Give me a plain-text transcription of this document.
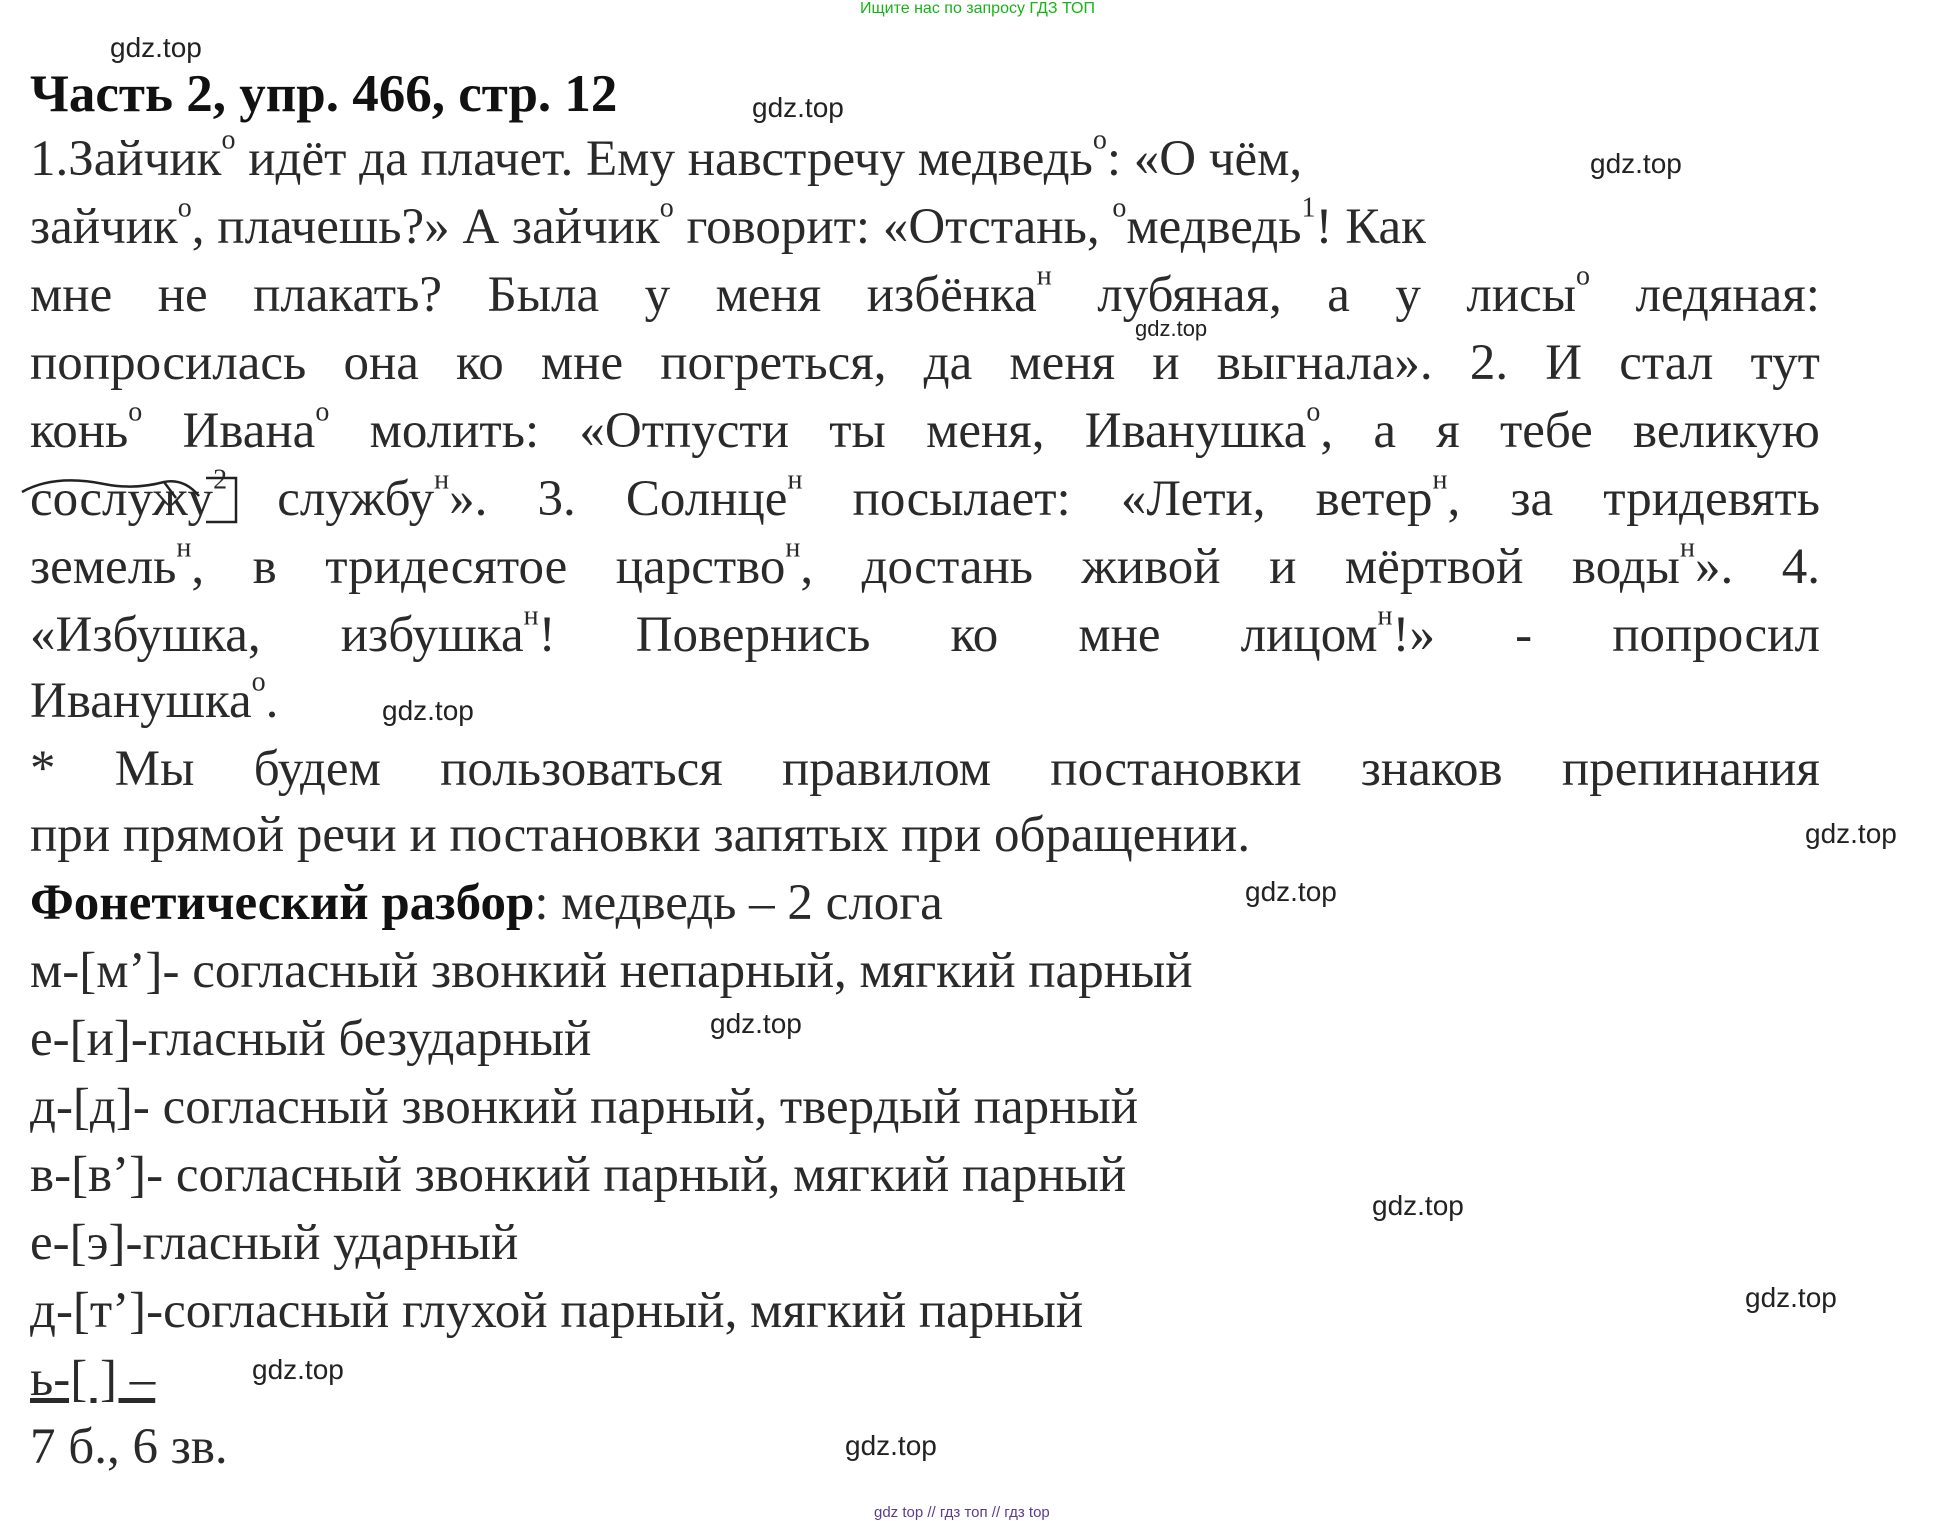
Ищите нас по запросу ГДЗ ТОП
gdz.top
gdz.top
gdz.top
gdz.top
gdz.top
gdz.top
gdz.top
gdz.top
gdz.top
gdz.top
gdz.top
gdz.top
Часть 2, упр. 466, стр. 12
1.Зайчик$^о$ идёт да плачет. Ему навстречу медведь$^о$: «О чём,
зайчик$^о$, плачешь?» А зайчик$^о$ говорит: «Отстань, $^о$медведь$^1$! Как
мне не плакать? Была у меня избёнка$^н$ лубяная, а у лисы$^о$ ледяная:
попросилась она ко мне погреться, да меня и выгнала». 2. И стал тут
конь$^о$ Ивана$^о$ молить: «Отпусти ты меня, Иванушка$^о$, а я тебе великую
сослужу$^2$ службу$^н$». 3. Солнце$^н$ посылает: «Лети, ветер$^н$, за тридевять
земель$^н$, в тридесятое царство$^н$, достань живой и мёртвой воды$^н$». 4.
«Избушка, избушка$^н$! Повернись ко мне лицом$^н$!» - попросил
Иванушка$^о$.
* Мы будем пользоваться правилом постановки знаков препинания
при прямой речи и постановки запятых при обращении.
Фонетический разбор: медведь – 2 слога
м-[м’]- согласный звонкий непарный, мягкий парный
е-[и]-гласный безударный
д-[д]- согласный звонкий парный, твердый парный
в-[в’]- согласный звонкий парный, мягкий парный
е-[э]-гласный ударный
д-[т’]-согласный глухой парный, мягкий парный
ь-[ ] –
7 б., 6 зв.
gdz top // гдз топ // гдз top
